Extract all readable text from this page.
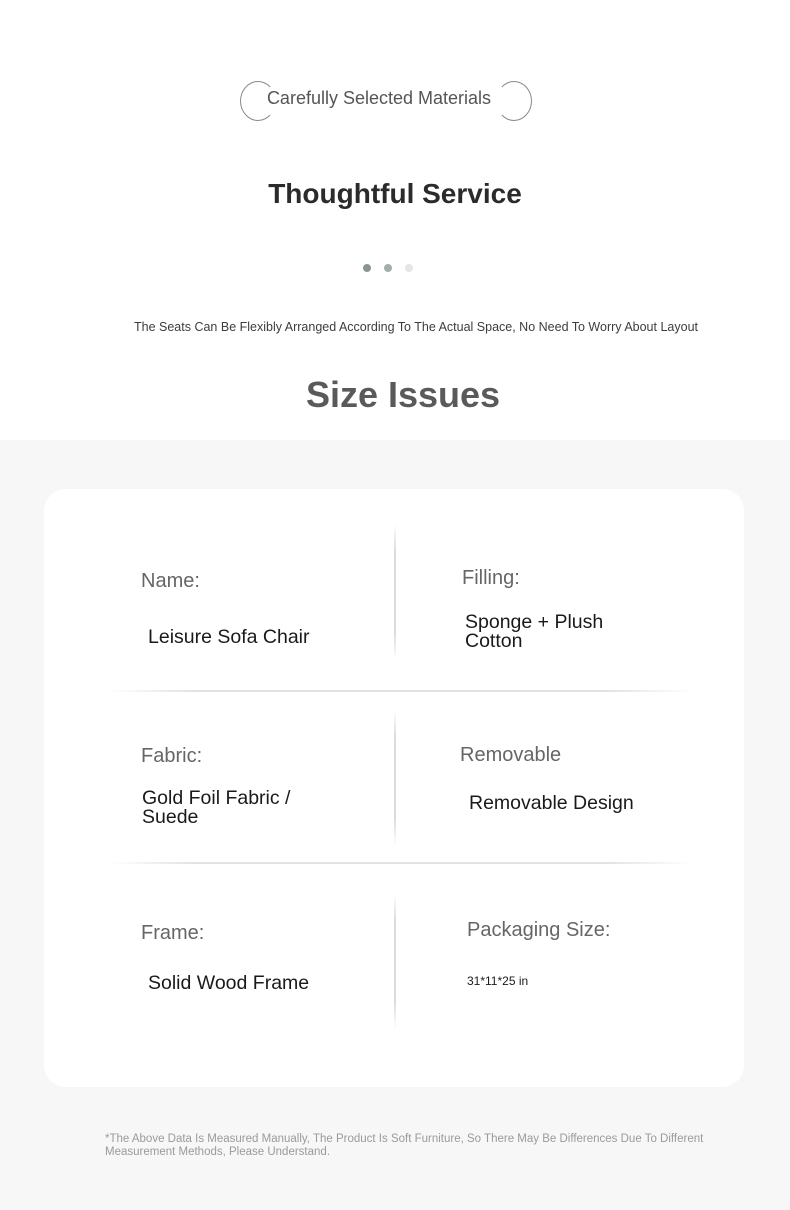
Carefully Selected Materials
Thoughtful Service

The Seats Can Be Flexibly Arranged According To The Actual Space, No Need To Worry About Layout

Size Issues
Name:
Leisure Sofa Chair
Filling:
Sponge + Plush Cotton
Fabric:
Gold Foil Fabric / Suede
Removable
Removable Design
Frame:
Solid Wood Frame
Packaging Size:
31*11*25 in

*The Above Data Is Measured Manually, The Product Is Soft Furniture, So There May Be Differences Due To Different Measurement Methods, Please Understand.
